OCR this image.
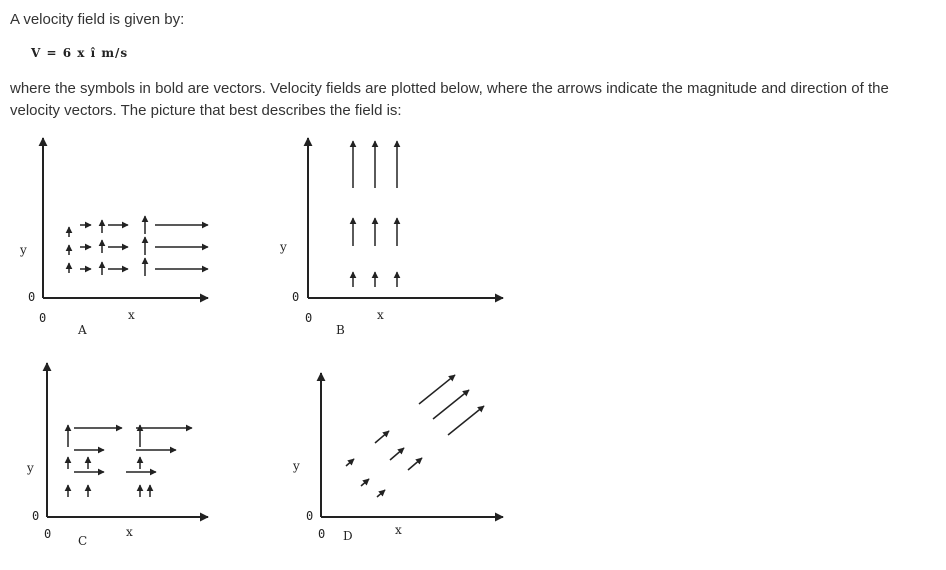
A velocity field is given by:
V = 6 x î m/s
where the symbols in bold are vectors. Velocity fields are plotted below, where the arrows indicate the magnitude and direction of the
velocity vectors. The picture that best describes the field is:
y
0
0	x
A
y
0
0	x
B
y
0
0	x
C
y
0
0	x
D
